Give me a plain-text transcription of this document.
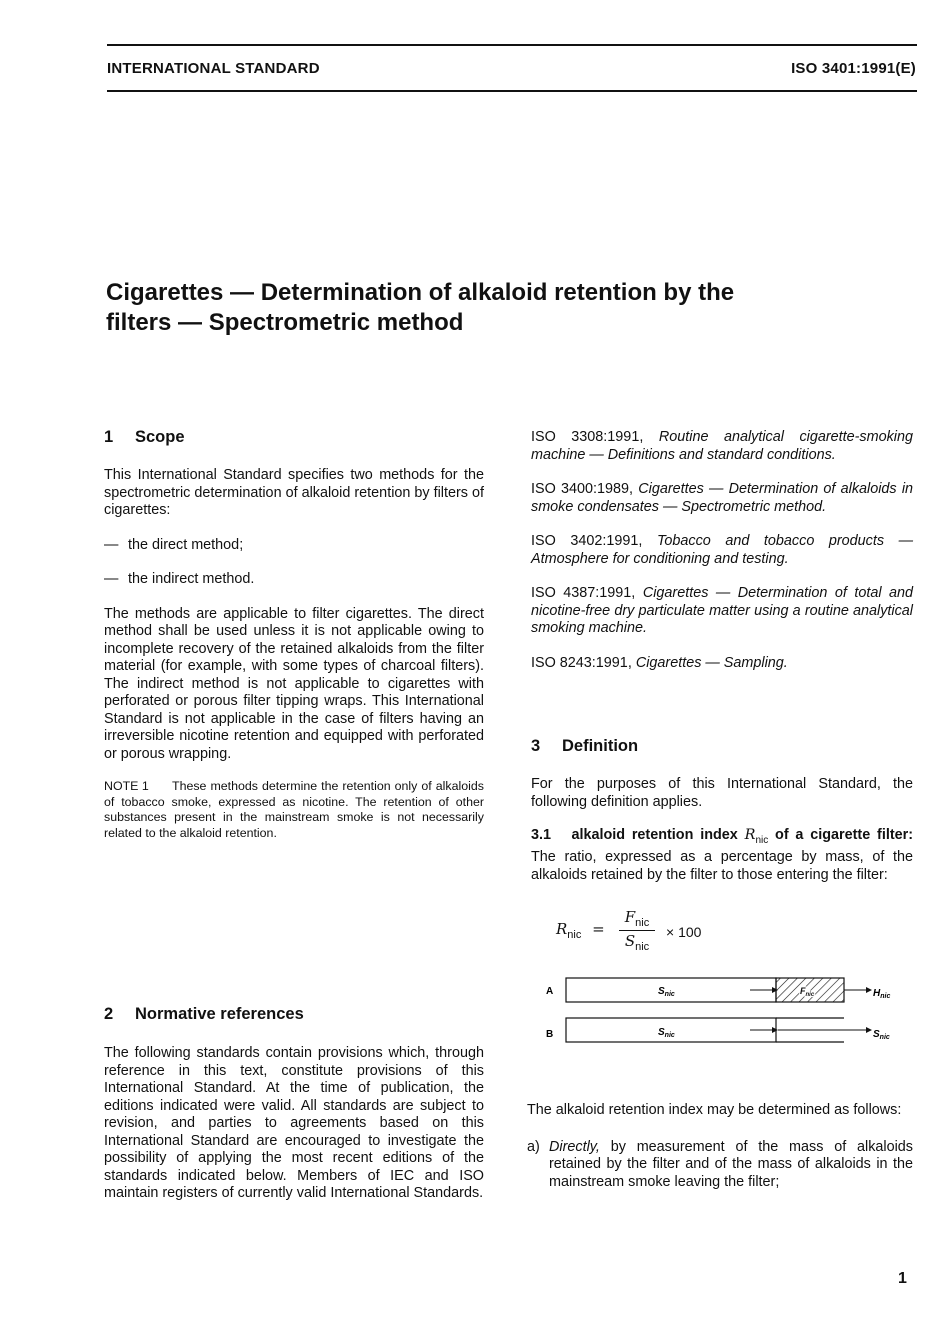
INTERNATIONAL STANDARD	ISO 3401:1991(E)
Cigarettes — Determination of alkaloid retention by the
filters — Spectrometric method
1 Scope

This International Standard specifies two methods for the spectrometric determination of alkaloid retention by filters of cigarettes:

— the direct method;

— the indirect method.

The methods are applicable to filter cigarettes. The direct method shall be used unless it is not applicable owing to incomplete recovery of the retained alkaloids from the filter material (for example, with some types of charcoal filters). The indirect method is not applicable to cigarettes with perforated or porous filter tipping wraps. This International Standard is not applicable in the case of filters having an irreversible nicotine retention and equipped with perforated or porous wrapping.

NOTE 1 These methods determine the retention only of alkaloids of tobacco smoke, expressed as nicotine. The retention of other substances present in the mainstream smoke is not necessarily related to the alkaloid retention.

2 Normative references

The following standards contain provisions which, through reference in this text, constitute provisions of this International Standard. At the time of publication, the editions indicated were valid. All standards are subject to revision, and parties to agreements based on this International Standard are encouraged to investigate the possibility of applying the most recent editions of the standards indicated below. Members of IEC and ISO maintain registers of currently valid International Standards.

ISO 3308:1991, Routine analytical cigarette-smoking machine — Definitions and standard conditions.

ISO 3400:1989, Cigarettes — Determination of alkaloids in smoke condensates — Spectrometric method.

ISO 3402:1991, Tobacco and tobacco products — Atmosphere for conditioning and testing.

ISO 4387:1991, Cigarettes — Determination of total and nicotine-free dry particulate matter using a routine analytical smoking machine.

ISO 8243:1991, Cigarettes — Sampling.

3 Definition

For the purposes of this International Standard, the following definition applies.

3.1 alkaloid retention index $R_{nic}$ of a cigarette filter: The ratio, expressed as a percentage by mass, of the alkaloids retained by the filter to those entering the filter:

$R_{nic}$ =
$F_{nic}$
$S_{nic}$
× 100
A	$S_{nic}$	$F_{nic}$	$H_{nic}$
B	$S_{nic}$	$S_{nic}$

The alkaloid retention index may be determined as follows:

a) Directly, by measurement of the mass of alkaloids retained by the filter and of the mass of alkaloids in the mainstream smoke leaving the filter;

1
